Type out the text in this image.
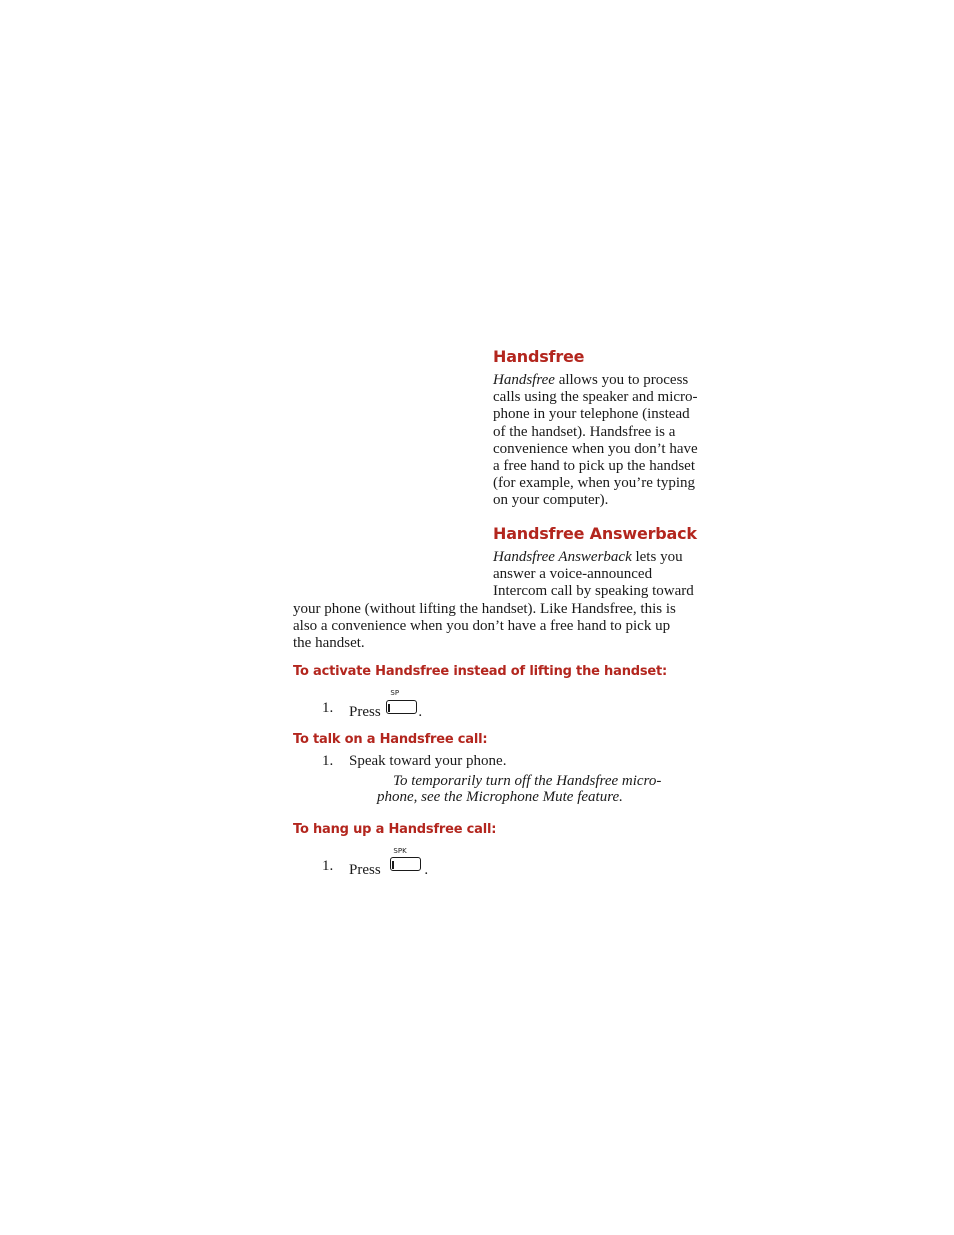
Handsfree
Handsfree allows you to process
calls using the speaker and micro-
phone in your telephone (instead
of the handset). Handsfree is a
convenience when you don’t have
a free hand to pick up the handset
(for example, when you’re typing
on your computer).
Handsfree Answerback
Handsfree Answerback lets you
answer a voice-announced
Intercom call by speaking toward
your phone (without lifting the handset). Like Handsfree, this is
also a convenience when you don’t have a free hand to pick up
the handset.
To activate Handsfree instead of lifting the handset:
1. Press
SP
.
To talk on a Handsfree call:
1. Speak toward your phone.
To temporarily turn off the Handsfree micro-
phone, see the Microphone Mute feature.
To hang up a Handsfree call:
1. Press
SPK
.
